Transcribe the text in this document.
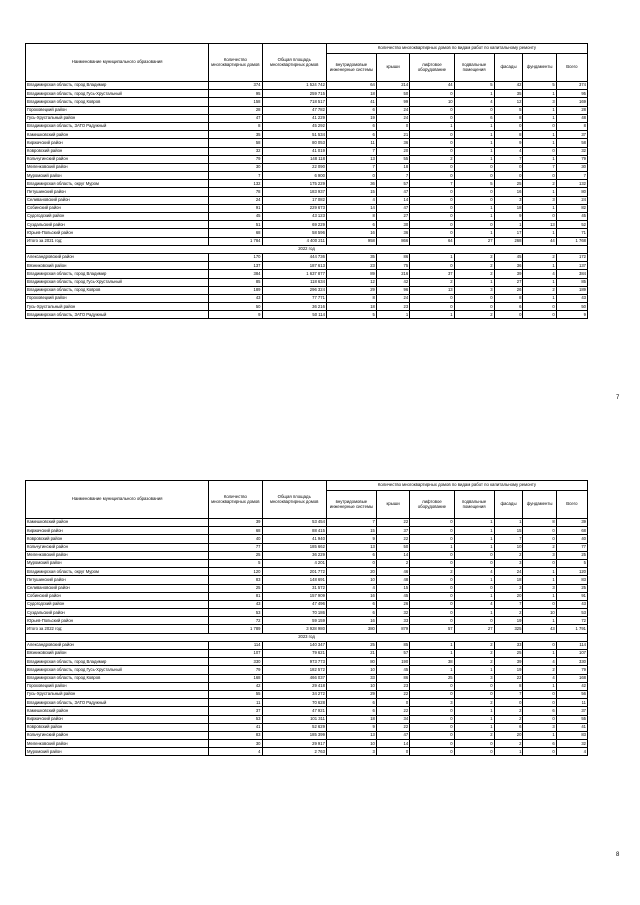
Наименование муниципального образования	Количество многоквартирных домов	Общая площадь многоквартирных домов	Количество многоквартирных домов по видам работ по капитальному ремонту						
			внутридомовые инженерные системы	крыши	лифтовое оборудование	подвальные помещения	фасады	фундаменты	Всего
Владимирская область, город Владимир	374	1 524 742	64	214	44	5	42	5	374
Владимирская область, город Гусь-Хрустальный	95	259 715	18	50	0	1	35	1	95
Владимирская область, город Ковров	158	718 517	41	99	10	4	12	3	169
Гороховецкий район	28	47 782	6	24	0	0	5	1	28
Гусь-Хрустальный район	47	41 229	19	24	0	6	8	1	48
Владимирская область, ЗАТО Радужный	8	45 292	6	0	1	1	0	0	8
Камешковский район	35	51 534	6	21	0	1	8	1	37
Киржачский район	58	80 053	11	36	0	1	9	1	58
Ковровский район	32	41 019	7	20	0	1	4	0	32
Кольчугинский район	79	148 118	13	55	2	1	7	1	79
Меленковский район	30	22 090	7	18	0	0	0	7	30
Муромский район	7	6 900	0	7	0	0	0	0	7
Владимирская область, округ Муром	132	175 229	36	57	7	5	25	2	132
Петушинский район	78	183 937	15	47	0	0	16	1	80
Селивановский район	24	17 082	4	14	0	0	3	3	24
Собинский район	91	229 673	14	47	0	1	18	1	82
Судогодский район	45	43 123	8	27	0	1	9	0	45
Суздальский район	51	69 229	6	30	0	0	1	13	52
Юрьев-Польский район	68	58 596	16	36	0	1	17	1	71
Итого за 2021 год:	1 784	4 400 211	958	866	64	27	268	44	1 768
2022 год									
Александровский район	170	444 736	35	86	1	2	45	2	172
Вязниковский район	137	187 613	23	75	0	2	36	1	137
Владимирская область, город Владимир	384	1 637 877	89	216	37	2	39	4	384
Владимирская область, город Гусь-Хрустальный	85	118 634	12	42	2	1	27	1	85
Владимирская область, город Ковров	189	296 324	29	96	13	3	26	2	189
Гороховецкий район	43	77 771	8	24	0	0	8	1	43
Гусь-Хрустальный район	50	36 216	18	23	0	0	6	0	50
Владимирская область, ЗАТО Радужный	9	50 114	5	1	1	2	0	0	9
7
Наименование муниципального образования	Количество многоквартирных домов	Общая площадь многоквартирных домов	Количество многоквартирных домов по видам работ по капитальному ремонту						
			внутридомовые инженерные системы	крыши	лифтовое оборудование	подвальные помещения	фасады	фундаменты	Всего
Камешковский район	39	53 454	7	22	0	1	1	8	39
Киржачский район	68	88 415	15	37	0	1	15	0	68
Ковровский район	40	41 940	9	22	0	1	7	0	40
Кольчугинский район	77	185 662	13	50	1	1	10	2	77
Меленковский район	25	36 229	6	14	0	0	2	3	25
Муромский район	5	4 201	0	2	0	0	3	0	5
Владимирская область, округ Муром	120	201 772	20	46	2	4	24	1	120
Петушинский район	83	148 691	10	48	0	1	18	1	83
Селивановский район	25	31 572	4	15	0	0	3	3	25
Собинский район	81	157 909	16	45	0	1	20	1	91
Судогодский район	43	47 496	6	26	0	4	7	0	43
Суздальский район	53	70 186	6	32	0	1	2	10	53
Юрьев-Польский район	72	59 159	16	33	0	0	19	1	72
Итого за 2022 год:	1 789	3 928 980	380	879	57	27	325	43	1 791
2023 год									
Александровский район	114	140 347	25	85	1	2	33	0	114
Вязниковский район	107	79 621	21	57	1	2	25	1	107
Владимирская область, город Владимир	330	973 773	80	190	38	2	39	4	330
Владимирская область, город Гусь-Хрустальный	79	182 572	10	45	1	1	19	2	79
Владимирская область, город Ковров	168	466 037	33	86	25	3	22	4	168
Гороховецкий район	42	29 418	10	23	0	0	8	1	42
Гусь-Хрустальный район	55	34 272	29	22	0	0	7	0	56
Владимирская область, ЗАТО Радужный	11	70 628	6	0	3	2	0	0	11
Камешковский район	37	47 921	6	22	0	1	2	6	37
Киржачский район	53	101 311	18	34	0	1	2	0	55
Ковровский район	41	52 629	9	22	0	1	6	3	41
Кольчугинский район	83	185 399	13	47	0	2	20	1	83
Меленковский район	30	29 917	10	14	0	0	2	6	32
Муромский район	4	2 763	3	0	0	0	1	0	4
8
